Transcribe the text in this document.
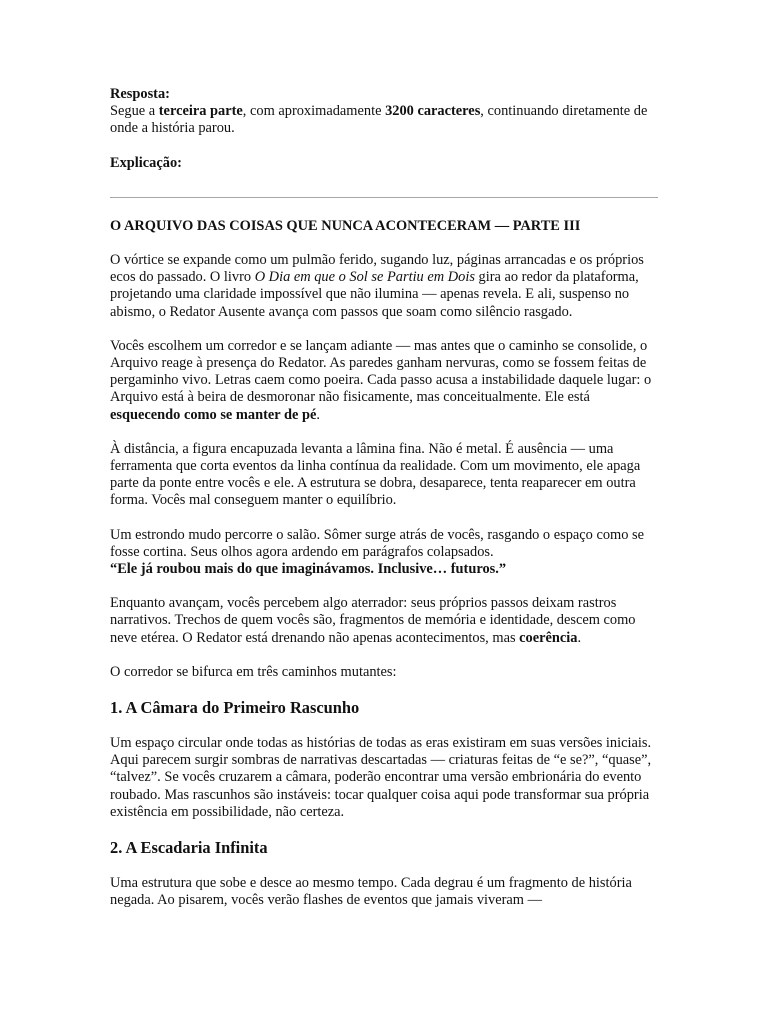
Resposta:

Segue a terceira parte, com aproximadamente 3200 caracteres, continuando diretamente de onde a história parou.

Explicação:

O ARQUIVO DAS COISAS QUE NUNCA ACONTECERAM — PARTE III

O vórtice se expande como um pulmão ferido, sugando luz, páginas arrancadas e os próprios ecos do passado. O livro O Dia em que o Sol se Partiu em Dois gira ao redor da plataforma, projetando uma claridade impossível que não ilumina — apenas revela. E ali, suspenso no abismo, o Redator Ausente avança com passos que soam como silêncio rasgado.

Vocês escolhem um corredor e se lançam adiante — mas antes que o caminho se consolide, o Arquivo reage à presença do Redator. As paredes ganham nervuras, como se fossem feitas de pergaminho vivo. Letras caem como poeira. Cada passo acusa a instabilidade daquele lugar: o Arquivo está à beira de desmoronar não fisicamente, mas conceitualmente. Ele está esquecendo como se manter de pé.

À distância, a figura encapuzada levanta a lâmina fina. Não é metal. É ausência — uma ferramenta que corta eventos da linha contínua da realidade. Com um movimento, ele apaga parte da ponte entre vocês e ele. A estrutura se dobra, desaparece, tenta reaparecer em outra forma. Vocês mal conseguem manter o equilíbrio.

Um estrondo mudo percorre o salão. Sômer surge atrás de vocês, rasgando o espaço como se fosse cortina. Seus olhos agora ardendo em parágrafos colapsados.

“Ele já roubou mais do que imaginávamos. Inclusive… futuros.”

Enquanto avançam, vocês percebem algo aterrador: seus próprios passos deixam rastros narrativos. Trechos de quem vocês são, fragmentos de memória e identidade, descem como neve etérea. O Redator está drenando não apenas acontecimentos, mas coerência.

O corredor se bifurca em três caminhos mutantes:

1. A Câmara do Primeiro Rascunho

Um espaço circular onde todas as histórias de todas as eras existiram em suas versões iniciais. Aqui parecem surgir sombras de narrativas descartadas — criaturas feitas de “e se?”, “quase”, “talvez”. Se vocês cruzarem a câmara, poderão encontrar uma versão embrionária do evento roubado. Mas rascunhos são instáveis: tocar qualquer coisa aqui pode transformar sua própria existência em possibilidade, não certeza.

2. A Escadaria Infinita

Uma estrutura que sobe e desce ao mesmo tempo. Cada degrau é um fragmento de história negada. Ao pisarem, vocês verão flashes de eventos que jamais viveram —
